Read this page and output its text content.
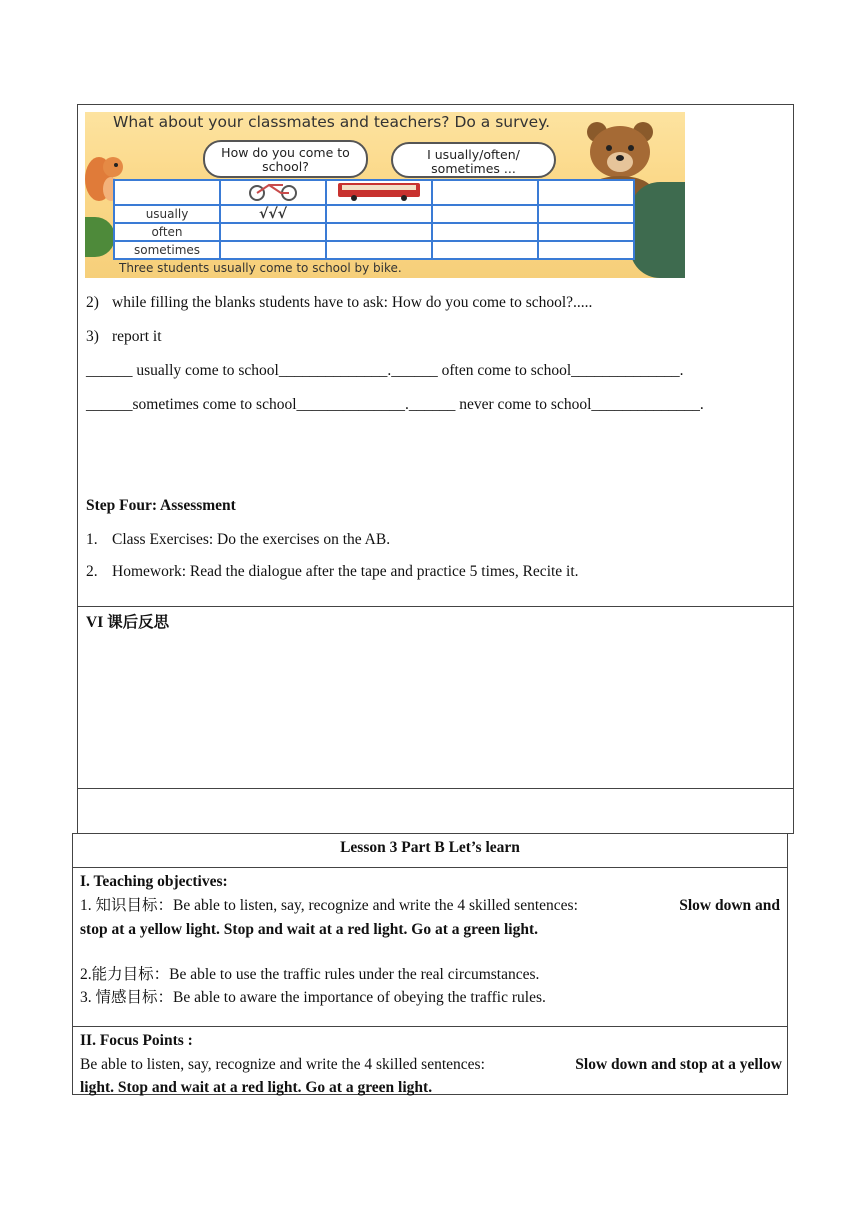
What about your classmates and teachers? Do a survey.
How do you come to school?
I usually/often/ sometimes ...

usually	√√√			
often				
sometimes				
Three students usually come to school by bike.
2) while filling the blanks students have to ask: How do you come to school?.....
3) report it
______ usually come to school______________.______ often come to school______________.
______sometimes come to school______________.______ never come to school______________.
Step Four: Assessment
1. Class Exercises: Do the exercises on the AB.
2. Homework: Read the dialogue after the tape and practice 5 times, Recite it.
VI 课后反思
Lesson 3 Part B Let’s learn
I. Teaching objectives:
1. 知识目标：Be able to listen, say, recognize and write the 4 skilled sentences:	Slow down and

stop at a yellow light. Stop and wait at a red light. Go at a green light.
2.能力目标：Be able to use the traffic rules under the real circumstances.
3. 情感目标：Be able to aware the importance of obeying the traffic rules.
II. Focus Points :
Be able to listen, say, recognize and write the 4 skilled sentences:	Slow down and stop at a yellow

light. Stop and wait at a red light. Go at a green light.
